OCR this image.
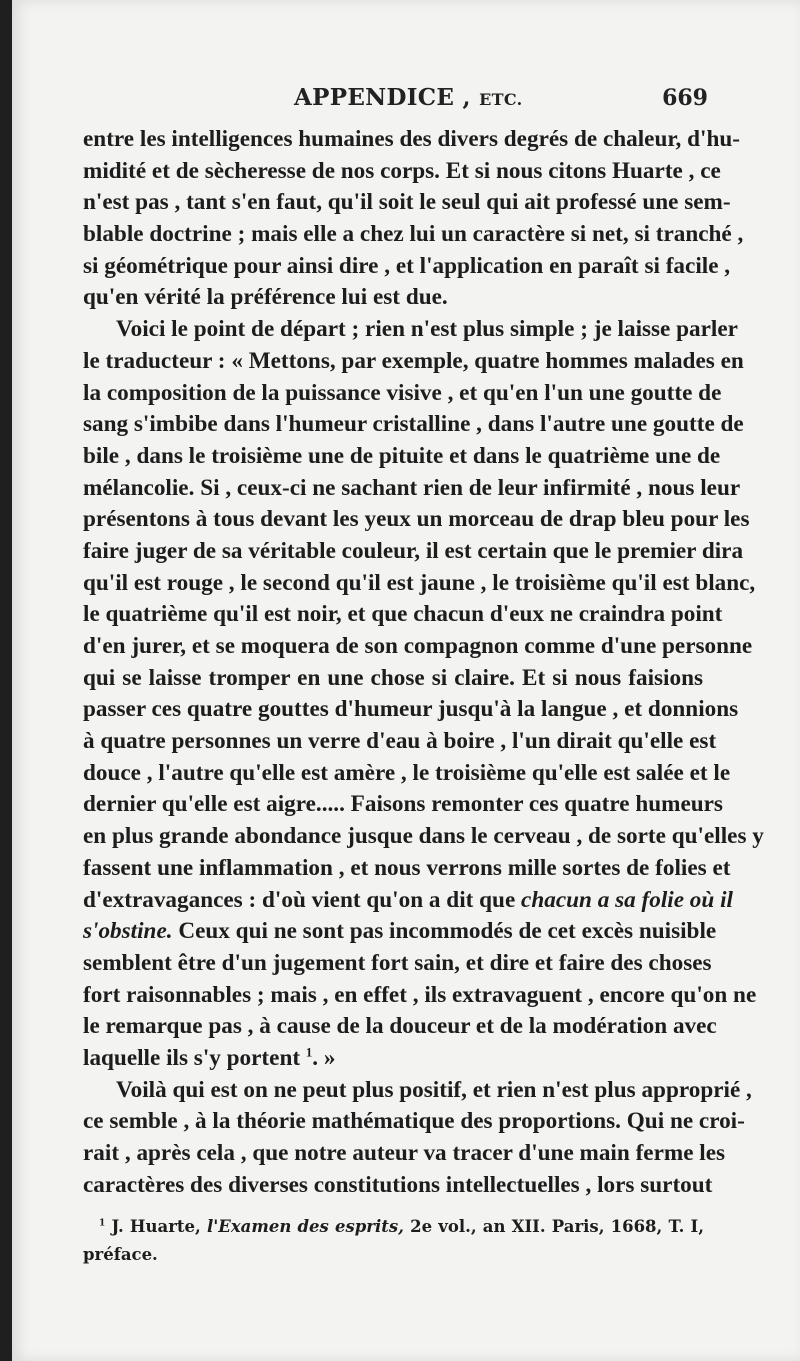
APPENDICE , ETC.	669
entre les intelligences humaines des divers degrés de chaleur, d'hu-
midité et de sècheresse de nos corps. Et si nous citons Huarte , ce
n'est pas , tant s'en faut, qu'il soit le seul qui ait professé une sem-
blable doctrine ; mais elle a chez lui un caractère si net, si tranché ,
si géométrique pour ainsi dire , et l'application en paraît si facile ,
qu'en vérité la préférence lui est due.
Voici le point de départ ; rien n'est plus simple ; je laisse parler
le traducteur : « Mettons, par exemple, quatre hommes malades en
la composition de la puissance visive , et qu'en l'un une goutte de
sang s'imbibe dans l'humeur cristalline , dans l'autre une goutte de
bile , dans le troisième une de pituite et dans le quatrième une de
mélancolie. Si , ceux-ci ne sachant rien de leur infirmité , nous leur
présentons à tous devant les yeux un morceau de drap bleu pour les
faire juger de sa véritable couleur, il est certain que le premier dira
qu'il est rouge , le second qu'il est jaune , le troisième qu'il est blanc,
le quatrième qu'il est noir, et que chacun d'eux ne craindra point
d'en jurer, et se moquera de son compagnon comme d'une personne
qui se laisse tromper en une chose si claire. Et si nous faisions
passer ces quatre gouttes d'humeur jusqu'à la langue , et donnions
à quatre personnes un verre d'eau à boire , l'un dirait qu'elle est
douce , l'autre qu'elle est amère , le troisième qu'elle est salée et le
dernier qu'elle est aigre..... Faisons remonter ces quatre humeurs
en plus grande abondance jusque dans le cerveau , de sorte qu'elles y
fassent une inflammation , et nous verrons mille sortes de folies et
d'extravagances : d'où vient qu'on a dit que chacun a sa folie où il
s'obstine. Ceux qui ne sont pas incommodés de cet excès nuisible
semblent être d'un jugement fort sain, et dire et faire des choses
fort raisonnables ; mais , en effet , ils extravaguent , encore qu'on ne
le remarque pas , à cause de la douceur et de la modération avec
laquelle ils s'y portent $^1$. »
Voilà qui est on ne peut plus positif, et rien n'est plus approprié ,
ce semble , à la théorie mathématique des proportions. Qui ne croi-
rait , après cela , que notre auteur va tracer d'une main ferme les
caractères des diverses constitutions intellectuelles , lors surtout
$^1$ J. Huarte, l'Examen des esprits, 2e vol., an XII. Paris, 1668, T. I,
préface.
